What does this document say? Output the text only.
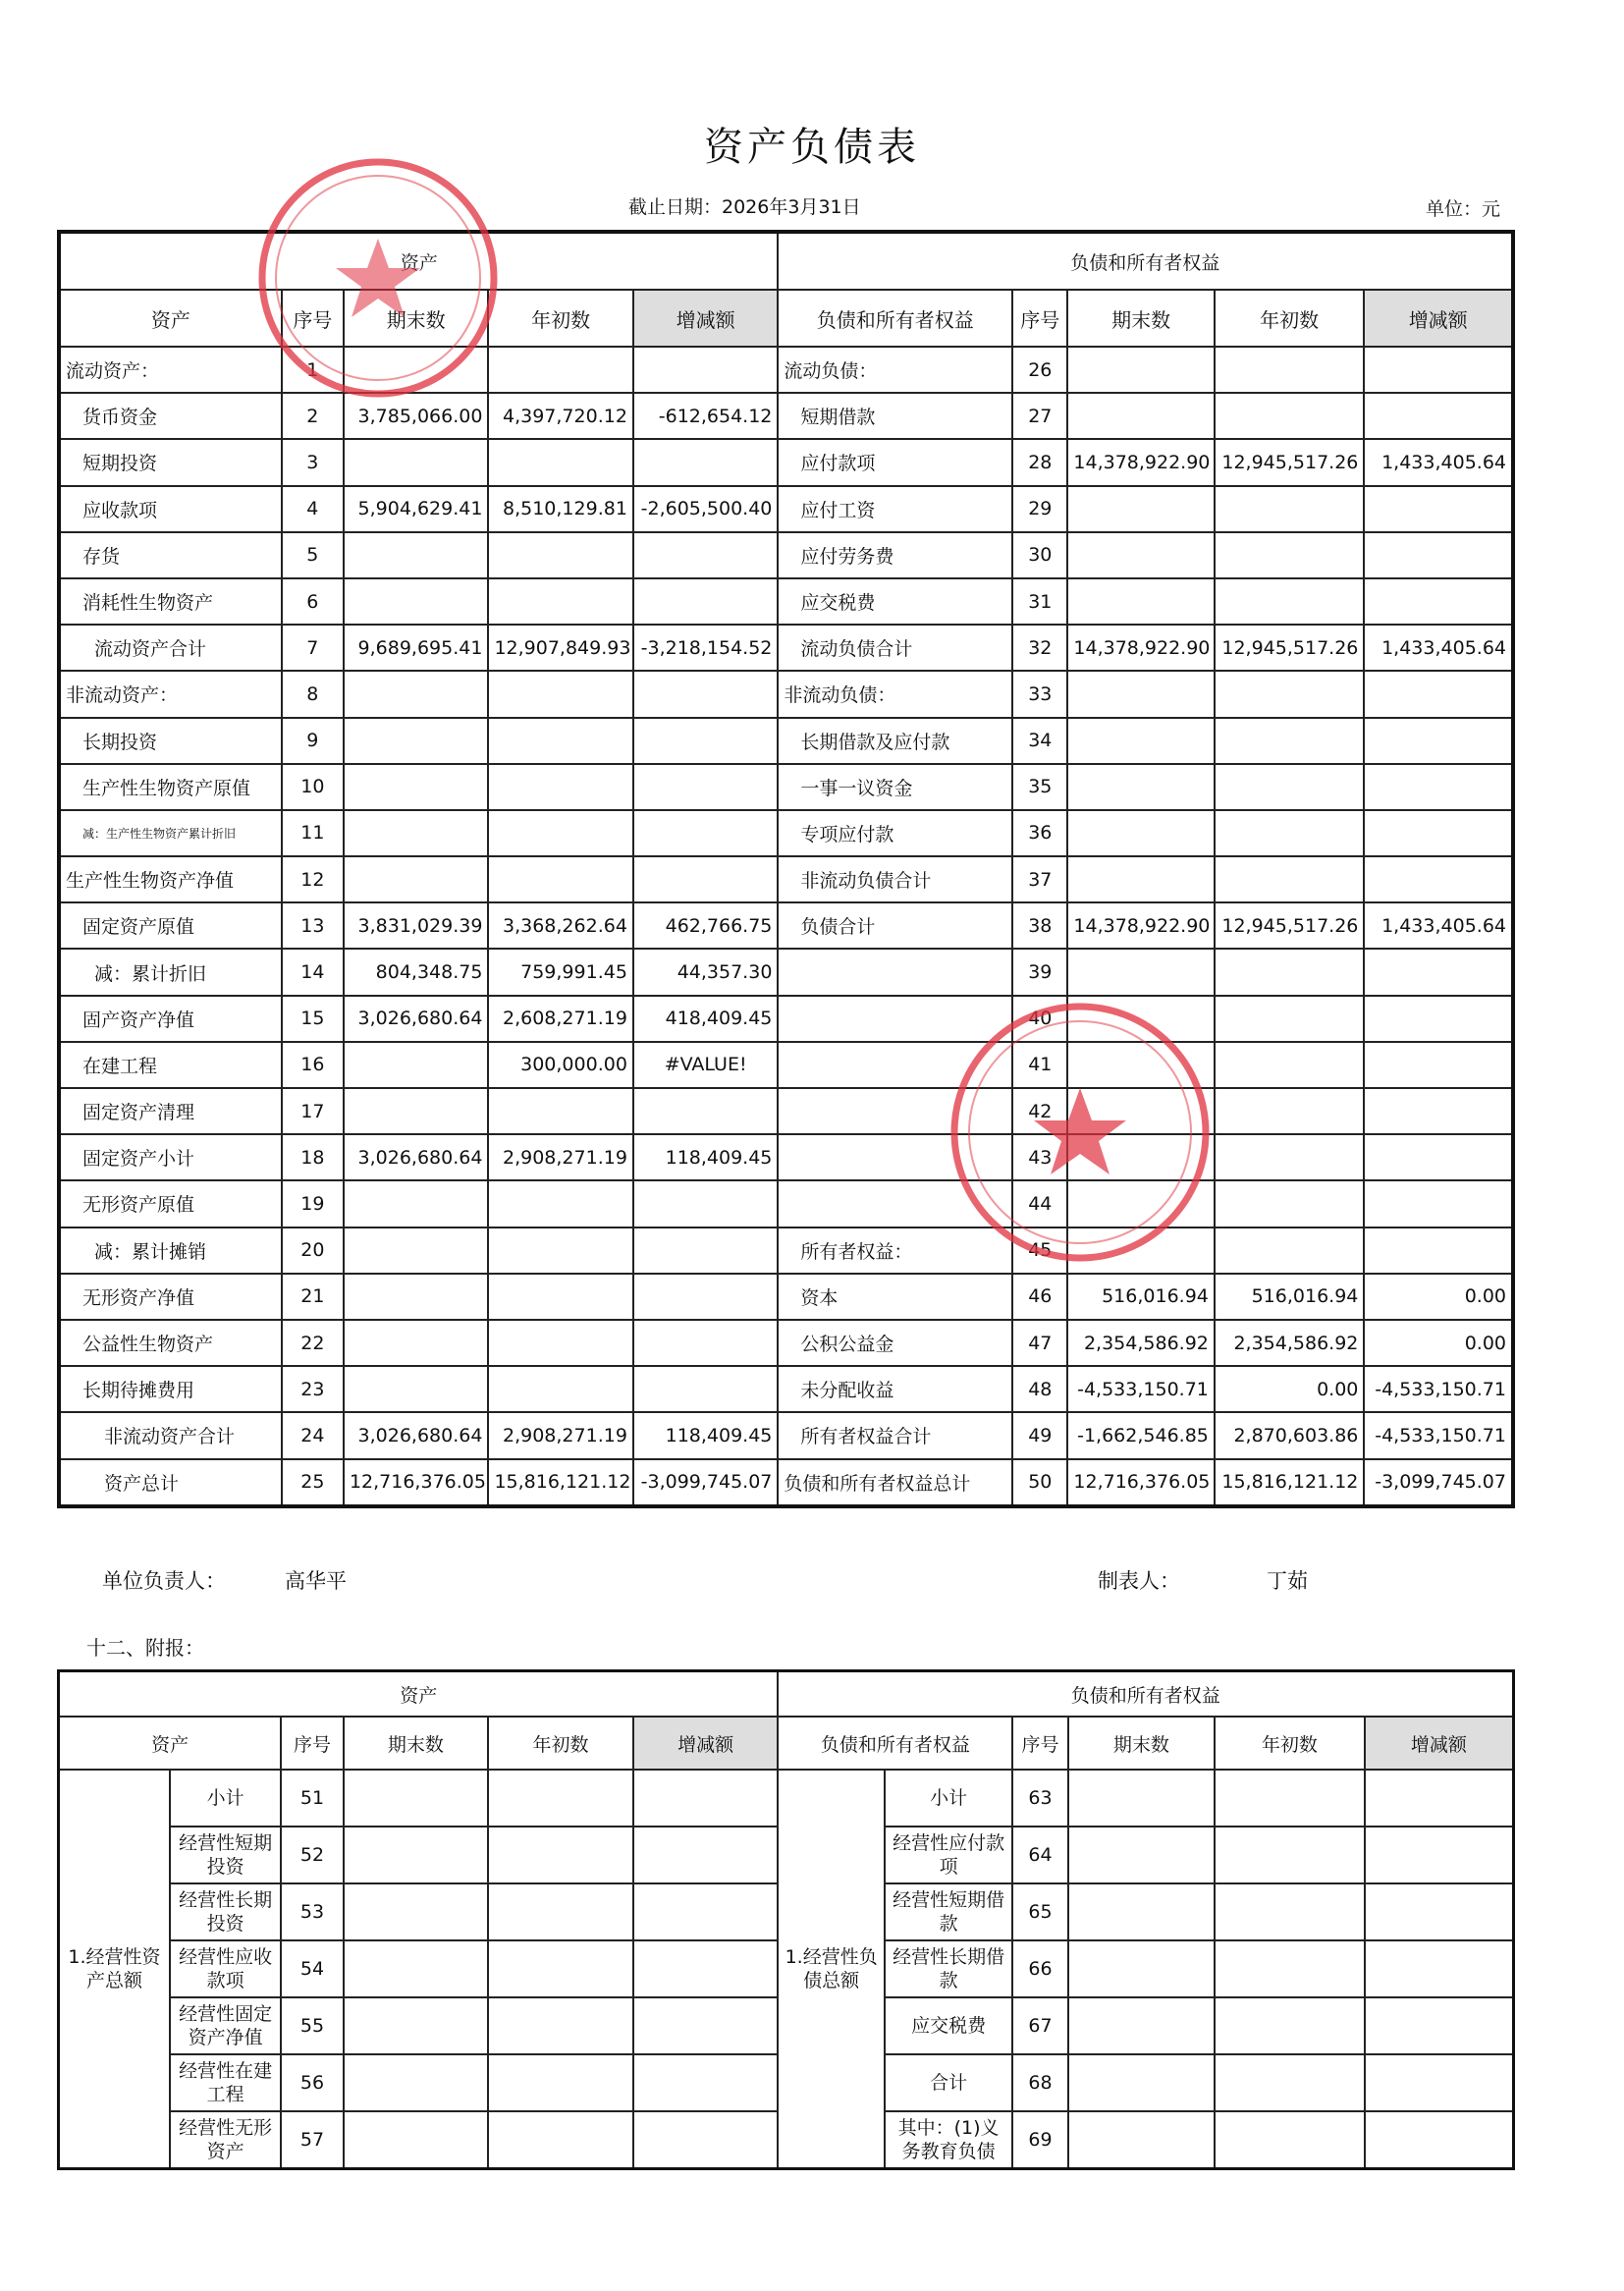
资产负债表
截止日期：2026年3月31日	单位：元
资产					负债和所有者权益				
资产	序号	期末数	年初数	增减额	负债和所有者权益	序号	期末数	年初数	增减额
流动资产：	1				流动负债：	26			
货币资金	2	3,785,066.00	4,397,720.12	-612,654.12	短期借款	27			
短期投资	3				应付款项	28	14,378,922.90	12,945,517.26	1,433,405.64
应收款项	4	5,904,629.41	8,510,129.81	-2,605,500.40	应付工资	29			
存货	5				应付劳务费	30			
消耗性生物资产	6				应交税费	31			
流动资产合计	7	9,689,695.41	12,907,849.93	-3,218,154.52	流动负债合计	32	14,378,922.90	12,945,517.26	1,433,405.64
非流动资产：	8				非流动负债：	33			
长期投资	9				长期借款及应付款	34			
生产性生物资产原值	10				一事一议资金	35			
减：生产性生物资产累计折旧	11				专项应付款	36			
生产性生物资产净值	12				非流动负债合计	37			
固定资产原值	13	3,831,029.39	3,368,262.64	462,766.75	负债合计	38	14,378,922.90	12,945,517.26	1,433,405.64
减：累计折旧	14	804,348.75	759,991.45	44,357.30		39			
固产资产净值	15	3,026,680.64	2,608,271.19	418,409.45		40			
在建工程	16		300,000.00	#VALUE!		41			
固定资产清理	17					42			
固定资产小计	18	3,026,680.64	2,908,271.19	118,409.45		43			
无形资产原值	19					44			
减：累计摊销	20				所有者权益：	45			
无形资产净值	21				资本	46	516,016.94	516,016.94	0.00
公益性生物资产	22				公积公益金	47	2,354,586.92	2,354,586.92	0.00
长期待摊费用	23				未分配收益	48	-4,533,150.71	0.00	-4,533,150.71
非流动资产合计	24	3,026,680.64	2,908,271.19	118,409.45	所有者权益合计	49	-1,662,546.85	2,870,603.86	-4,533,150.71
资产总计	25	12,716,376.05	15,816,121.12	-3,099,745.07	负债和所有者权益总计	50	12,716,376.05	15,816,121.12	-3,099,745.07
单位负责人：	高华平	制表人：	丁茹
十二、附报：
资产						负债和所有者权益					
资产		序号	期末数	年初数	增减额	负债和所有者权益		序号	期末数	年初数	增减额
1.经营性资产总额	小计	51				1.经营性负债总额	小计	63			
	经营性短期投资	52					经营性应付款项	64			
	经营性长期投资	53					经营性短期借款	65			
	经营性应收款项	54					经营性长期借款	66			
	经营性固定资产净值	55					应交税费	67			
	经营性在建工程	56					合计	68			
	经营性无形资产	57					其中：(1)义务教育负债	69			
